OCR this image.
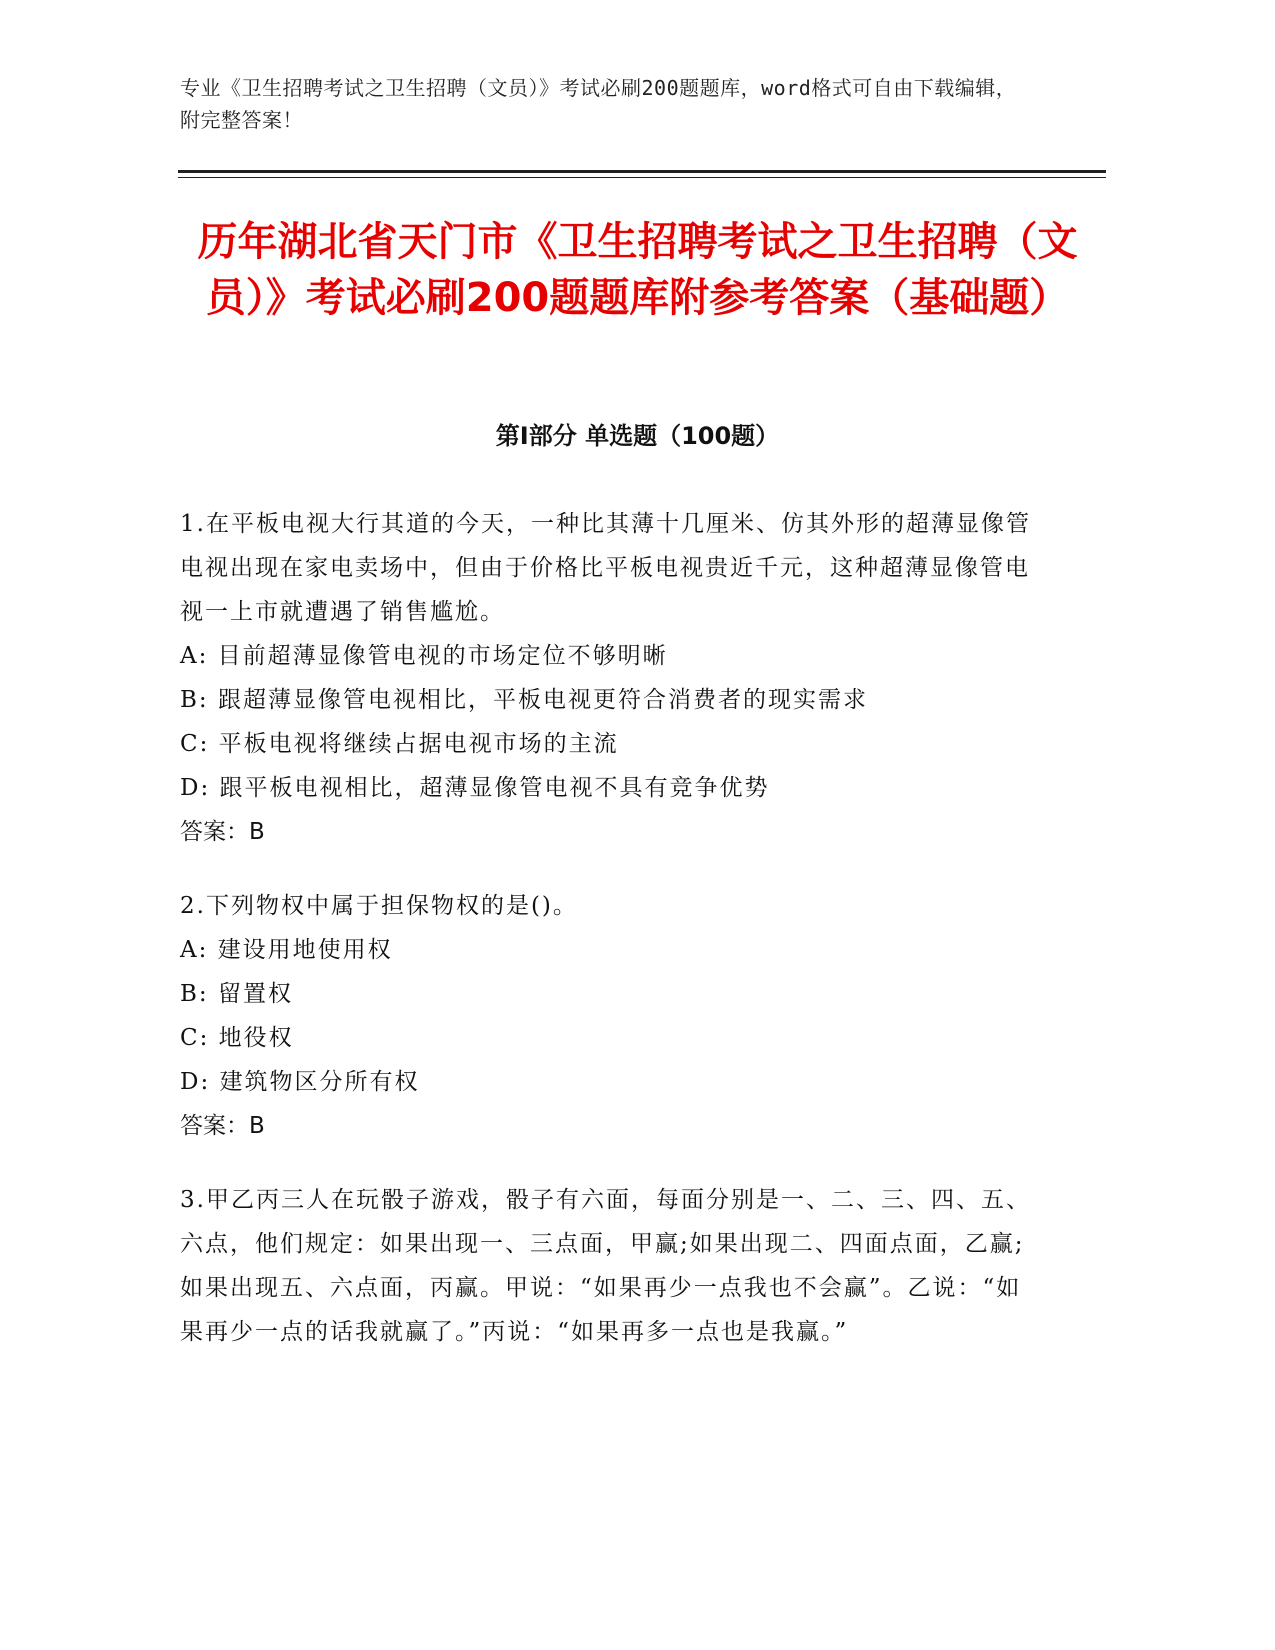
专业《卫生招聘考试之卫生招聘（文员）》考试必刷200题题库，word格式可自由下载编辑，附完整答案！
历年湖北省天门市《卫生招聘考试之卫生招聘（文员）》考试必刷200题题库附参考答案（基础题）
第I部分 单选题（100题）

1.在平板电视大行其道的今天，一种比其薄十几厘米、仿其外形的超薄显像管电视出现在家电卖场中，但由于价格比平板电视贵近千元，这种超薄显像管电视一上市就遭遇了销售尴尬。

A: 目前超薄显像管电视的市场定位不够明晰

B: 跟超薄显像管电视相比，平板电视更符合消费者的现实需求

C: 平板电视将继续占据电视市场的主流

D: 跟平板电视相比，超薄显像管电视不具有竞争优势

答案：B

2.下列物权中属于担保物权的是()。

A: 建设用地使用权

B: 留置权

C: 地役权

D: 建筑物区分所有权

答案：B

3.甲乙丙三人在玩骰子游戏，骰子有六面，每面分别是一、二、三、四、五、六点，他们规定：如果出现一、三点面，甲赢;如果出现二、四面点面，乙赢;如果出现五、六点面，丙赢。甲说：“如果再少一点我也不会赢”。乙说：“如果再少一点的话我就赢了。”丙说：“如果再多一点也是我赢。”
